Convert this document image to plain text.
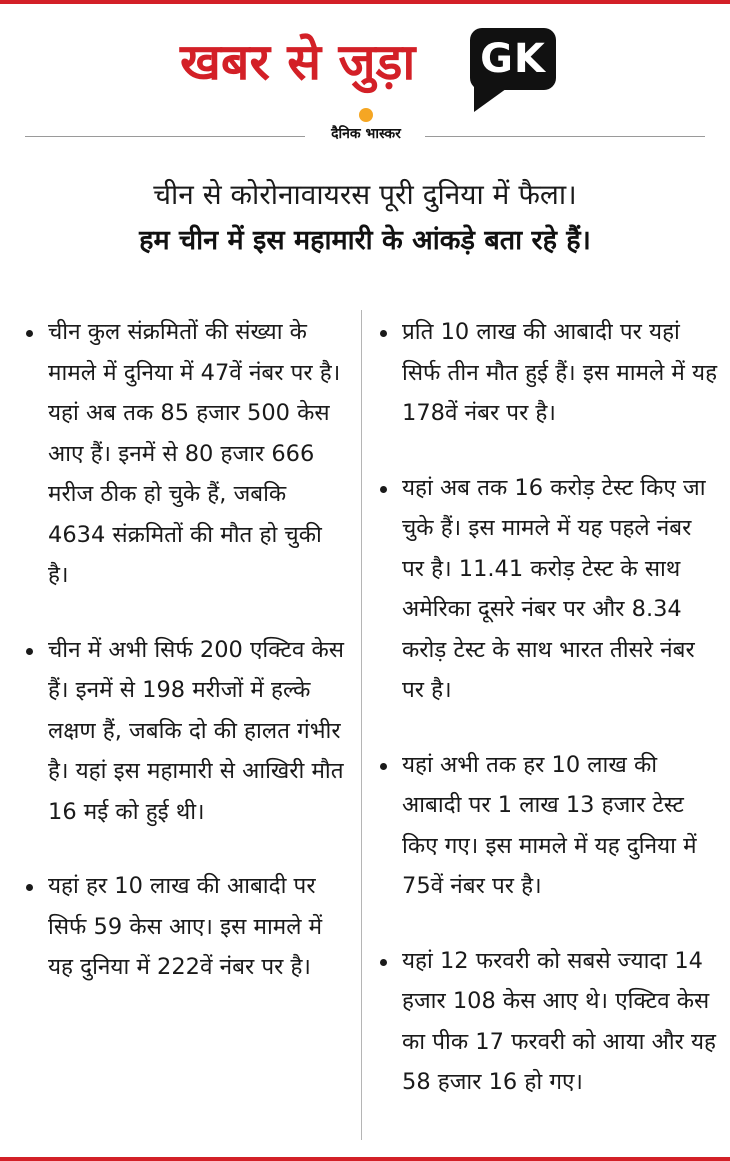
खबर से जुड़ा GK
दैनिक भास्कर
चीन से कोरोनावायरस पूरी दुनिया में फैला।
हम चीन में इस महामारी के आंकड़े बता रहे हैं।
चीन कुल संक्रमितों की संख्या के मामले में दुनिया में 47वें नंबर पर है। यहां अब तक 85 हजार 500 केस आए हैं। इनमें से 80 हजार 666 मरीज ठीक हो चुके हैं, जबकि 4634 संक्रमितों की मौत हो चुकी है।
चीन में अभी सिर्फ 200 एक्टिव केस हैं। इनमें से 198 मरीजों में हल्के लक्षण हैं, जबकि दो की हालत गंभीर है। यहां इस महामारी से आखिरी मौत 16 मई को हुई थी।
यहां हर 10 लाख की आबादी पर सिर्फ 59 केस आए। इस मामले में यह दुनिया में 222वें नंबर पर है।
प्रति 10 लाख की आबादी पर यहां सिर्फ तीन मौत हुई हैं। इस मामले में यह 178वें नंबर पर है।
यहां अब तक 16 करोड़ टेस्ट किए जा चुके हैं। इस मामले में यह पहले नंबर पर है। 11.41 करोड़ टेस्ट के साथ अमेरिका दूसरे नंबर पर और 8.34 करोड़ टेस्ट के साथ भारत तीसरे नंबर पर है।
यहां अभी तक हर 10 लाख की आबादी पर 1 लाख 13 हजार टेस्ट किए गए। इस मामले में यह दुनिया में 75वें नंबर पर है।
यहां 12 फरवरी को सबसे ज्यादा 14 हजार 108 केस आए थे। एक्टिव केस का पीक 17 फरवरी को आया और यह 58 हजार 16 हो गए।
